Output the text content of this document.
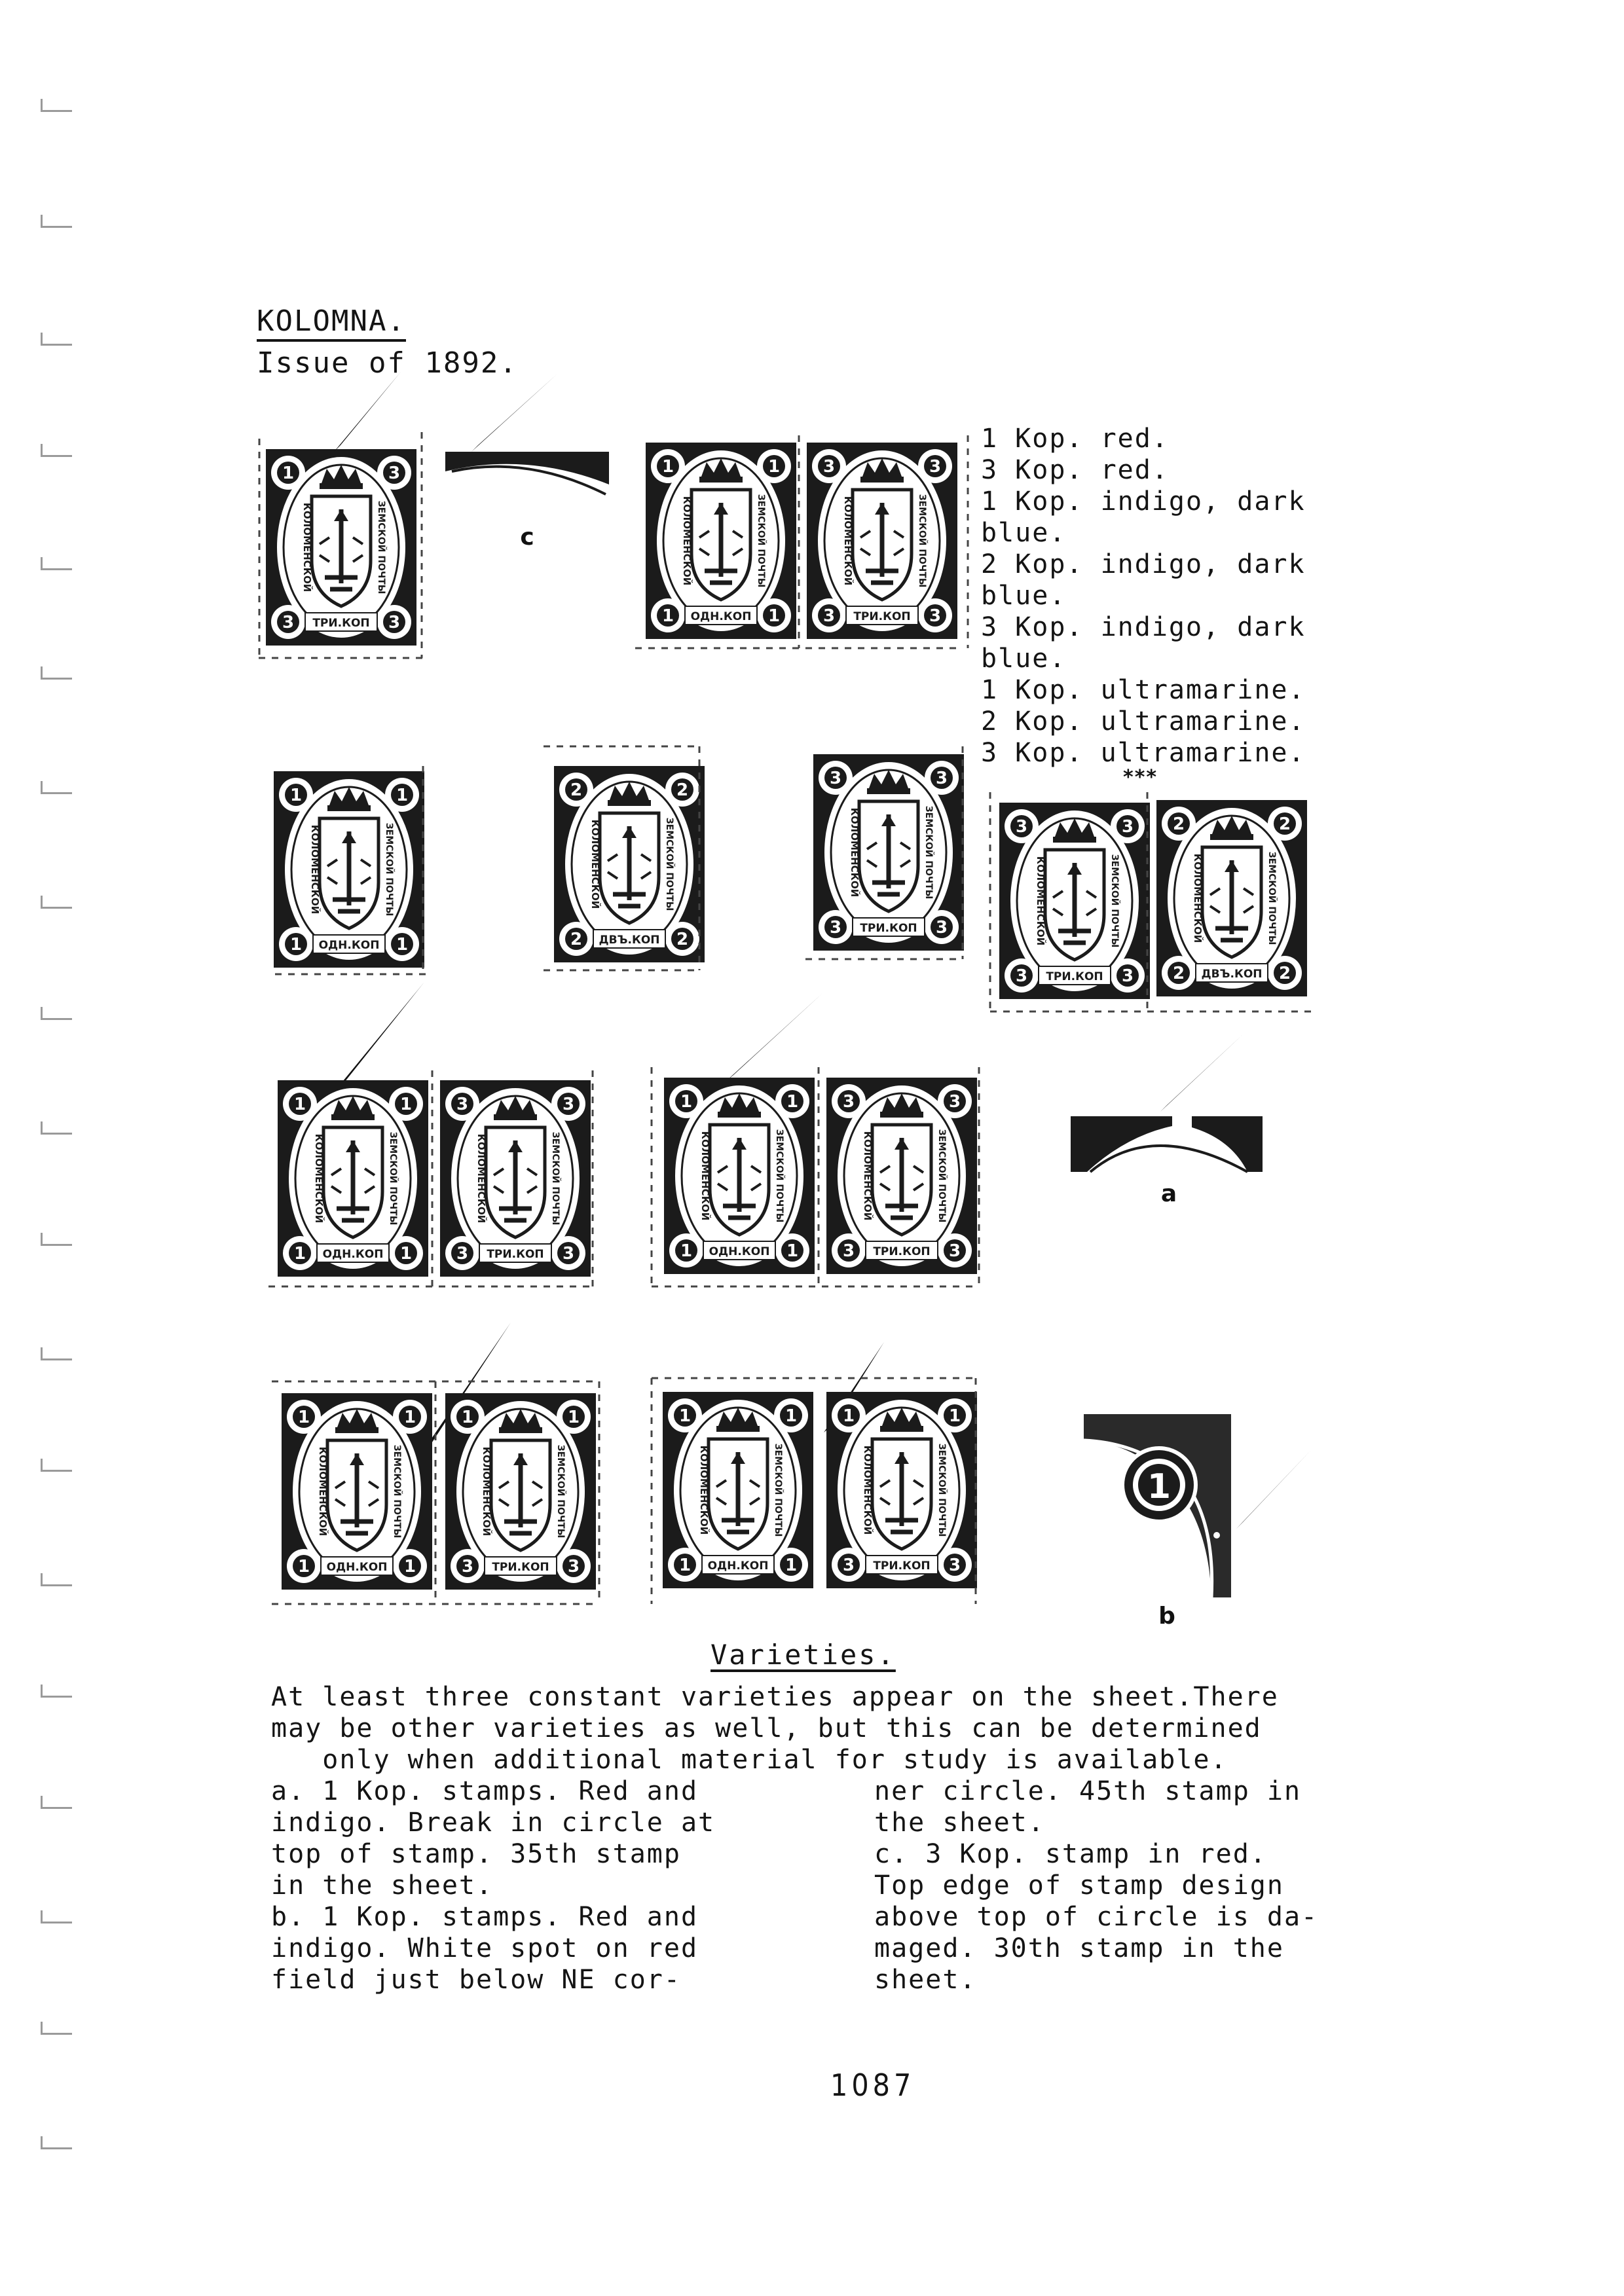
KOLOMNA.
Issue of 1892.
1 Kop. red.
3 Kop. red.
1 Kop. indigo, dark
blue.
2 Kop. indigo, dark
blue.
3 Kop. indigo, dark
blue.
1 Kop. ultramarine.
2 Kop. ultramarine.
3 Kop. ultramarine.
***
1	3
3	3
ТРИ.КОП
КОЛОМЕНСКОЙ	ЗЕМСКОЙ ПОЧТЫ	c
1	1
1	1
ОДН.КОП
КОЛОМЕНСКОЙ	ЗЕМСКОЙ ПОЧТЫ
3	3
3	3
ТРИ.КОП
КОЛОМЕНСКОЙ	ЗЕМСКОЙ ПОЧТЫ
1	1
1	1
ОДН.КОП
КОЛОМЕНСКОЙ	ЗЕМСКОЙ ПОЧТЫ
2	2
2	2
ДВЪ.КОП
КОЛОМЕНСКОЙ	ЗЕМСКОЙ ПОЧТЫ
3	3
3	3
ТРИ.КОП
КОЛОМЕНСКОЙ	ЗЕМСКОЙ ПОЧТЫ	3	3
3	3
ТРИ.КОП
КОЛОМЕНСКОЙ	ЗЕМСКОЙ ПОЧТЫ
2	2
2	2
ДВЪ.КОП
КОЛОМЕНСКОЙ	ЗЕМСКОЙ ПОЧТЫ
1	1
1	1
ОДН.КОП
КОЛОМЕНСКОЙ	ЗЕМСКОЙ ПОЧТЫ
3	3
3	3
ТРИ.КОП
КОЛОМЕНСКОЙ	ЗЕМСКОЙ ПОЧТЫ
1	1
1	1
ОДН.КОП
КОЛОМЕНСКОЙ	ЗЕМСКОЙ ПОЧТЫ
3	3
3	3
ТРИ.КОП
КОЛОМЕНСКОЙ	ЗЕМСКОЙ ПОЧТЫ	a
1	1
1	1
ОДН.КОП
КОЛОМЕНСКОЙ	ЗЕМСКОЙ ПОЧТЫ
1	1
3	3
ТРИ.КОП
КОЛОМЕНСКОЙ	ЗЕМСКОЙ ПОЧТЫ
1	1
1	1
ОДН.КОП
КОЛОМЕНСКОЙ	ЗЕМСКОЙ ПОЧТЫ
1	1
3	3
ТРИ.КОП
КОЛОМЕНСКОЙ	ЗЕМСКОЙ ПОЧТЫ	1
b
Varieties.
At least three constant varieties appear on the sheet.There
may be other varieties as well, but this can be determined
only when additional material for study is available.
a. 1 Kop. stamps. Red and
indigo. Break in circle at
top of stamp. 35th stamp
in the sheet.
b. 1 Kop. stamps. Red and
indigo. White spot on red
field just below NE cor-
ner circle. 45th stamp in
the sheet.
c. 3 Kop. stamp in red.
Top edge of stamp design
above top of circle is da-
maged. 30th stamp in the
sheet.
1087
